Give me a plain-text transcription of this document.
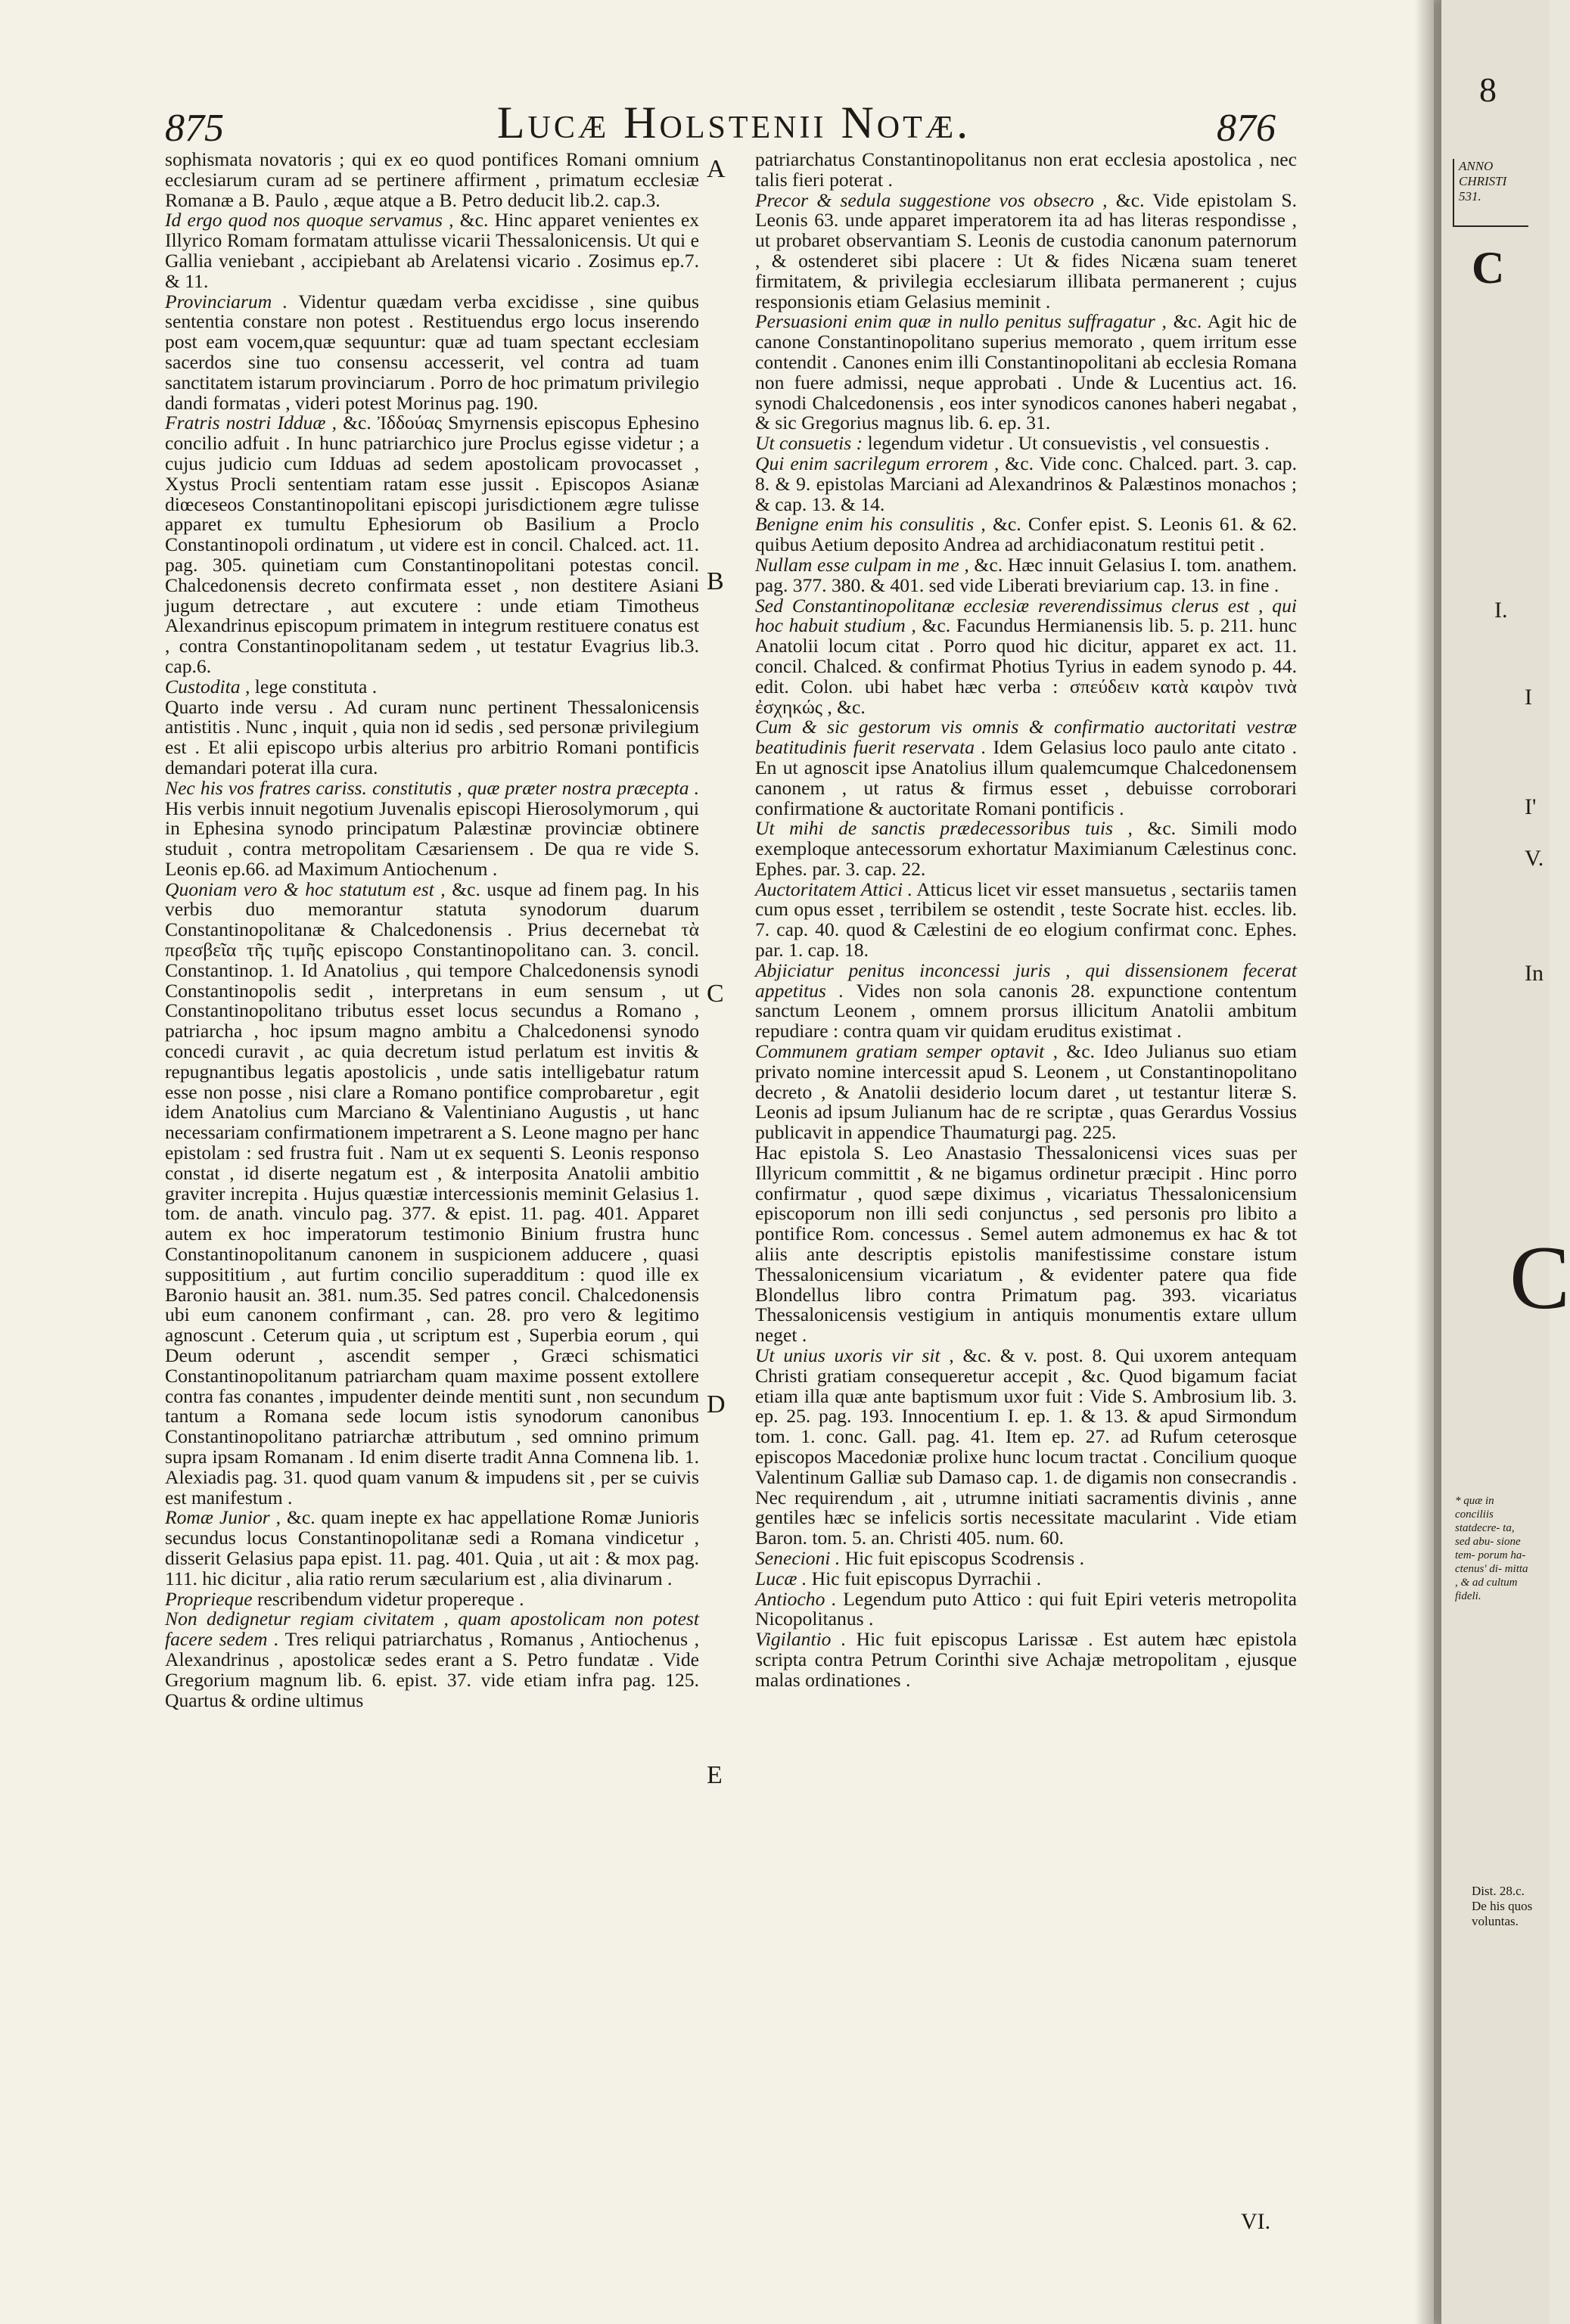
875	Lucæ Holstenii Notæ.	876

sophismata novatoris ; qui ex eo quod pontifices Romani omnium ecclesiarum curam ad se pertinere affirment , primatum ecclesiæ Romanæ a B. Paulo , æque atque a B. Petro deducit lib.2. cap.3.

Id ergo quod nos quoque servamus , &c. Hinc apparet venientes ex Illyrico Romam formatam attulisse vicarii Thessalonicensis. Ut qui e Gallia veniebant , accipiebant ab Arelatensi vicario . Zosimus ep.7. & 11.

Provinciarum . Videntur quædam verba excidisse , sine quibus sententia constare non potest . Restituendus ergo locus inserendo post eam vocem,quæ sequuntur: quæ ad tuam spectant ecclesiam sacerdos sine tuo consensu accesserit, vel contra ad tuam sanctitatem istarum provinciarum . Porro de hoc primatum privilegio dandi formatas , videri potest Morinus pag. 190.

Fratris nostri Idduæ , &c. Ἰδδούας Smyrnensis episcopus Ephesino concilio adfuit . In hunc patriarchico jure Proclus egisse videtur ; a cujus judicio cum Idduas ad sedem apostolicam provocasset , Xystus Procli sententiam ratam esse jussit . Episcopos Asianæ diœceseos Constantinopolitani episcopi jurisdictionem ægre tulisse apparet ex tumultu Ephesiorum ob Basilium a Proclo Constantinopoli ordinatum , ut videre est in concil. Chalced. act. 11. pag. 305. quinetiam cum Constantinopolitani potestas concil. Chalcedonensis decreto confirmata esset , non destitere Asiani jugum detrectare , aut excutere : unde etiam Timotheus Alexandrinus episcopum primatem in integrum restituere conatus est , contra Constantinopolitanam sedem , ut testatur Evagrius lib.3. cap.6.

Custodita , lege constituta .

Quarto inde versu . Ad curam nunc pertinent Thessalonicensis antistitis . Nunc , inquit , quia non id sedis , sed personæ privilegium est . Et alii episcopo urbis alterius pro arbitrio Romani pontificis demandari poterat illa cura.

Nec his vos fratres cariss. constitutis , quæ præter nostra præcepta . His verbis innuit negotium Juvenalis episcopi Hierosolymorum , qui in Ephesina synodo principatum Palæstinæ provinciæ obtinere studuit , contra metropolitam Cæsariensem . De qua re vide S. Leonis ep.66. ad Maximum Antiochenum .

Quoniam vero & hoc statutum est , &c. usque ad finem pag. In his verbis duo memorantur statuta synodorum duarum Constantinopolitanæ & Chalcedonensis . Prius decernebat τὰ πρεσβεῖα τῆς τιμῆς episcopo Constantinopolitano can. 3. concil. Constantinop. 1. Id Anatolius , qui tempore Chalcedonensis synodi Constantinopolis sedit , interpretans in eum sensum , ut Constantinopolitano tributus esset locus secundus a Romano , patriarcha , hoc ipsum magno ambitu a Chalcedonensi synodo concedi curavit , ac quia decretum istud perlatum est invitis & repugnantibus legatis apostolicis , unde satis intelligebatur ratum esse non posse , nisi clare a Romano pontifice comprobaretur , egit idem Anatolius cum Marciano & Valentiniano Augustis , ut hanc necessariam confirmationem impetrarent a S. Leone magno per hanc epistolam : sed frustra fuit . Nam ut ex sequenti S. Leonis responso constat , id diserte negatum est , & interposita Anatolii ambitio graviter increpita . Hujus quæstiæ intercessionis meminit Gelasius 1. tom. de anath. vinculo pag. 377. & epist. 11. pag. 401. Apparet autem ex hoc imperatorum testimonio Binium frustra hunc Constantinopolitanum canonem in suspicionem adducere , quasi supposititium , aut furtim concilio superadditum : quod ille ex Baronio hausit an. 381. num.35. Sed patres concil. Chalcedonensis ubi eum canonem confirmant , can. 28. pro vero & legitimo agnoscunt . Ceterum quia , ut scriptum est , Superbia eorum , qui Deum oderunt , ascendit semper , Græci schismatici Constantinopolitanum patriarcham quam maxime possent extollere contra fas conantes , impudenter deinde mentiti sunt , non secundum tantum a Romana sede locum istis synodorum canonibus Constantinopolitano patriarchæ attributum , sed omnino primum supra ipsam Romanam . Id enim diserte tradit Anna Comnena lib. 1. Alexiadis pag. 31. quod quam vanum & impudens sit , per se cuivis est manifestum .

Romæ Junior , &c. quam inepte ex hac appellatione Romæ Junioris secundus locus Constantinopolitanæ sedi a Romana vindicetur , disserit Gelasius papa epist. 11. pag. 401. Quia , ut ait : & mox pag. 111. hic dicitur , alia ratio rerum sæcularium est , alia divinarum .

Proprieque rescribendum videtur propereque .

Non dedignetur regiam civitatem , quam apostolicam non potest facere sedem . Tres reliqui patriarchatus , Romanus , Antiochenus , Alexandrinus , apostolicæ sedes erant a S. Petro fundatæ . Vide Gregorium magnum lib. 6. epist. 37. vide etiam infra pag. 125. Quartus & ordine ultimus

patriarchatus Constantinopolitanus non erat ecclesia apostolica , nec talis fieri poterat .

Precor & sedula suggestione vos obsecro , &c. Vide epistolam S. Leonis 63. unde apparet imperatorem ita ad has literas respondisse , ut probaret observantiam S. Leonis de custodia canonum paternorum , & ostenderet sibi placere : Ut & fides Nicæna suam teneret firmitatem, & privilegia ecclesiarum illibata permanerent ; cujus responsionis etiam Gelasius meminit .

Persuasioni enim quæ in nullo penitus suffragatur , &c. Agit hic de canone Constantinopolitano superius memorato , quem irritum esse contendit . Canones enim illi Constantinopolitani ab ecclesia Romana non fuere admissi, neque approbati . Unde & Lucentius act. 16. synodi Chalcedonensis , eos inter synodicos canones haberi negabat , & sic Gregorius magnus lib. 6. ep. 31.

Ut consuetis : legendum videtur . Ut consuevistis , vel consuestis .

Qui enim sacrilegum errorem , &c. Vide conc. Chalced. part. 3. cap. 8. & 9. epistolas Marciani ad Alexandrinos & Palæstinos monachos ; & cap. 13. & 14.

Benigne enim his consulitis , &c. Confer epist. S. Leonis 61. & 62. quibus Aetium deposito Andrea ad archidiaconatum restitui petit .

Nullam esse culpam in me , &c. Hæc innuit Gelasius I. tom. anathem. pag. 377. 380. & 401. sed vide Liberati breviarium cap. 13. in fine .

Sed Constantinopolitanæ ecclesiæ reverendissimus clerus est , qui hoc habuit studium , &c. Facundus Hermianensis lib. 5. p. 211. hunc Anatolii locum citat . Porro quod hic dicitur, apparet ex act. 11. concil. Chalced. & confirmat Photius Tyrius in eadem synodo p. 44. edit. Colon. ubi habet hæc verba : σπεύδειν κατὰ καιρὸν τινὰ ἐσχηκώς , &c.

Cum & sic gestorum vis omnis & confirmatio auctoritati vestræ beatitudinis fuerit reservata . Idem Gelasius loco paulo ante citato . En ut agnoscit ipse Anatolius illum qualemcumque Chalcedonensem canonem , ut ratus & firmus esset , debuisse corroborari confirmatione & auctoritate Romani pontificis .

Ut mihi de sanctis prædecessoribus tuis , &c. Simili modo exemploque antecessorum exhortatur Maximianum Cælestinus conc. Ephes. par. 3. cap. 22.

Auctoritatem Attici . Atticus licet vir esset mansuetus , sectariis tamen cum opus esset , terribilem se ostendit , teste Socrate hist. eccles. lib. 7. cap. 40. quod & Cælestini de eo elogium confirmat conc. Ephes. par. 1. cap. 18.

Abjiciatur penitus inconcessi juris , qui dissensionem fecerat appetitus . Vides non sola canonis 28. expunctione contentum sanctum Leonem , omnem prorsus illicitum Anatolii ambitum repudiare : contra quam vir quidam eruditus existimat .

Communem gratiam semper optavit , &c. Ideo Julianus suo etiam privato nomine intercessit apud S. Leonem , ut Constantinopolitano decreto , & Anatolii desiderio locum daret , ut testantur literæ S. Leonis ad ipsum Julianum hac de re scriptæ , quas Gerardus Vossius publicavit in appendice Thaumaturgi pag. 225.

Hac epistola S. Leo Anastasio Thessalonicensi vices suas per Illyricum committit , & ne bigamus ordinetur præcipit . Hinc porro confirmatur , quod sæpe diximus , vicariatus Thessalonicensium episcoporum non illi sedi conjunctus , sed personis pro libito a pontifice Rom. concessus . Semel autem admonemus ex hac & tot aliis ante descriptis epistolis manifestissime constare istum Thessalonicensium vicariatum , & evidenter patere qua fide Blondellus libro contra Primatum pag. 393. vicariatus Thessalonicensis vestigium in antiquis monumentis extare ullum neget .

Ut unius uxoris vir sit , &c. & v. post. 8. Qui uxorem antequam Christi gratiam consequeretur accepit , &c. Quod bigamum faciat etiam illa quæ ante baptismum uxor fuit : Vide S. Ambrosium lib. 3. ep. 25. pag. 193. Innocentium I. ep. 1. & 13. & apud Sirmondum tom. 1. conc. Gall. pag. 41. Item ep. 27. ad Rufum ceterosque episcopos Macedoniæ prolixe hunc locum tractat . Concilium quoque Valentinum Galliæ sub Damaso cap. 1. de digamis non consecrandis . Nec requirendum , ait , utrumne initiati sacramentis divinis , anne gentiles hæc se infelicis sortis necessitate macularint . Vide etiam Baron. tom. 5. an. Christi 405. num. 60.

Senecioni . Hic fuit episcopus Scodrensis .

Lucæ . Hic fuit episcopus Dyrrachii .

Antiocho . Legendum puto Attico : qui fuit Epiri veteris metropolita Nicopolitanus .

Vigilantio . Hic fuit episcopus Larissæ . Est autem hæc epistola scripta contra Petrum Corinthi sive Achajæ metropolitam , ejusque malas ordinationes .

A
B
C
D
E
VI.
8
ANNO
CHRISTI
531.
C
I.
I
I'
V.
In
C
* quæ in conciliis statdecre- ta, sed abu- sione tem- porum ha- ctenus' di- mitta , & ad cultum fideli.
Dist. 28.c. De his quos voluntas.
